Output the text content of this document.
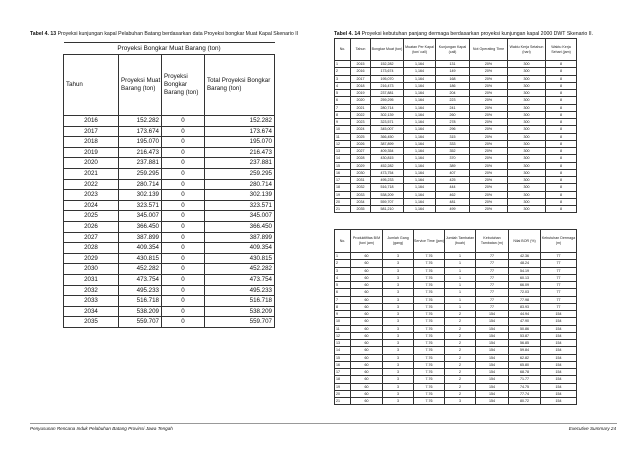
Tabel 4. 13 Proyeksi kunjungan kapal Pelabuhan Batang berdasarkan data Proyeksi bongkar Muat Kapal Skenario II
Proyeksi Bongkar Muat Barang (ton)			
Tahun	Proyeksi Muat Barang (ton)	Proyeksi Bongkar Barang (ton)	Total Proyeksi Bongkar Barang (ton)
2016	152.282	0	152.282
2017	173.674	0	173.674
2018	195.070	0	195.070
2019	216.473	0	216.473
2020	237.881	0	237.881
2021	259.295	0	259.295
2022	280.714	0	280.714
2023	302.139	0	302.139
2024	323.571	0	323.571
2025	345.007	0	345.007
2026	366.450	0	366.450
2027	387.899	0	387.899
2028	409.354	0	409.354
2029	430.815	0	430.815
2030	452.282	0	452.282
2031	473.754	0	473.754
2032	495.233	0	495.233
2033	516.718	0	516.718
2034	538.209	0	538.209
2035	559.707	0	559.707
Tabel 4. 14 Proyeksi kebutuhan panjang dermaga berdasarkan proyeksi kunjungan kapal 2000 DWT Skenario II.
No.	Tahun	Bongkar Muat (ton)	Muatan Per Kapal (ton/ call)	Kunjungan Kapal (call)	Not Operating Time	Waktu Kerja Setahun (hari)	Waktu Kerja Sehari (jam)
1	2015	152,282	1,164	131	20%	300	8
2	2016	173,674	1,164	149	20%	300	8
3	2017	195,070	1,164	168	20%	300	8
4	2018	216,473	1,164	186	20%	300	8
5	2019	237,881	1,164	204	20%	300	8
6	2020	259,295	1,164	223	20%	300	8
7	2021	280,714	1,164	241	20%	300	8
8	2022	302,139	1,164	260	20%	300	8
9	2023	323,571	1,164	278	20%	300	8
10	2024	345,007	1,164	296	20%	300	8
11	2025	366,450	1,164	315	20%	300	8
12	2026	387,899	1,164	333	20%	300	8
13	2027	409,354	1,164	352	20%	300	8
14	2028	430,815	1,164	370	20%	300	8
15	2029	452,282	1,164	389	20%	300	8
16	2030	473,754	1,164	407	20%	300	8
17	2031	495,233	1,164	425	20%	300	8
18	2032	516,718	1,164	444	20%	300	8
19	2033	538,209	1,164	462	20%	300	8
20	2034	559,707	1,164	481	20%	300	8
21	2035	581,210	1,164	499	20%	300	8
No.	Produktifitas B/M (ton/ jam)	Jumlah Gang (gang)	Service Time (jam)	Jumlah Tambatan (buah)	Kebutuhan Tambatan (m)	Nilai BOR (%)	Kebutuhan Dermaga (m)
1	60	3	7.76	1	77	42.36	77
2	60	3	7.76	1	77	48.24	77
3	60	3	7.76	1	77	54.19	77
4	60	3	7.76	1	77	60.13	77
5	60	3	7.76	1	77	66.09	77
6	60	3	7.76	1	77	72.03	77
7	60	3	7.76	1	77	77.98	77
8	60	3	7.76	1	77	83.93	77
9	60	3	7.76	2	154	44.94	154
10	60	3	7.76	2	154	47.90	154
11	60	3	7.76	2	154	50.86	154
12	60	3	7.76	2	154	53.87	154
13	60	3	7.76	2	154	56.85	154
14	60	3	7.76	2	154	59.84	154
15	60	3	7.76	2	154	62.82	154
16	60	3	7.76	2	154	65.80	154
17	60	3	7.76	2	154	68.78	154
18	60	3	7.76	2	154	71.77	154
19	60	3	7.76	2	154	74.75	154
20	60	3	7.76	2	154	77.74	154
21	60	3	7.76	3	154	80.72	154
Penyusunan Rencana Induk Pelabuhan Batang Provinsi Jawa Tengah	Executive Summary 24
